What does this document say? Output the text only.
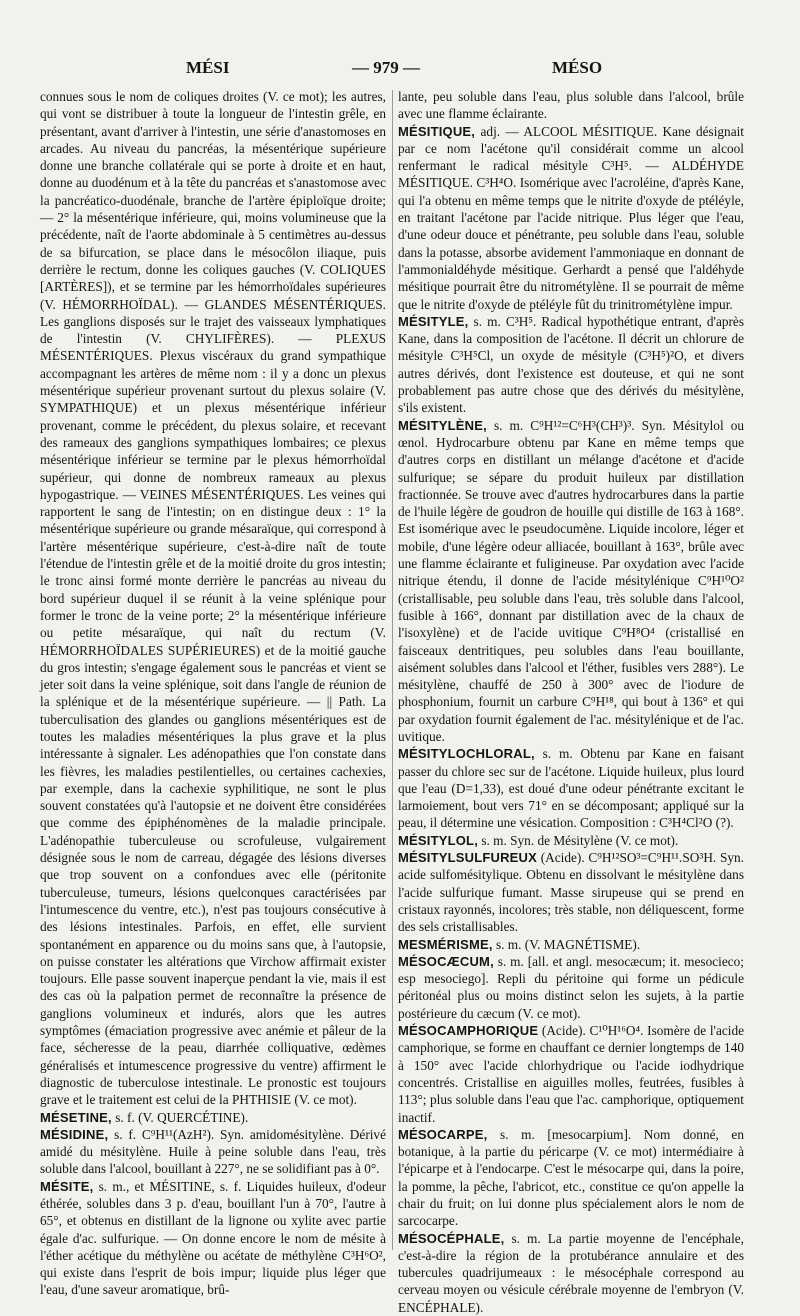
MÉSI	— 979 —	MÉSO

connues sous le nom de coliques droites (V. ce mot); les autres, qui vont se distribuer à toute la longueur de l'intestin grêle, en présentant, avant d'arriver à l'intestin, une série d'anastomoses en arcades. Au niveau du pancréas, la mésentérique supérieure donne une branche collatérale qui se porte à droite et en haut, donne au duodénum et à la tête du pancréas et s'anastomose avec la pancréatico-duodénale, branche de l'artère épiploïque droite; — 2° la mésentérique inférieure, qui, moins volumineuse que la précédente, naît de l'aorte abdominale à 5 centimètres au-dessus de sa bifurcation, se place dans le mésocôlon iliaque, puis derrière le rectum, donne les coliques gauches (V. COLIQUES [ARTÈRES]), et se termine par les hémorrhoïdales supérieures (V. HÉMORRHOÏDAL). — GLANDES MÉSENTÉRIQUES. Les ganglions disposés sur le trajet des vaisseaux lymphatiques de l'intestin (V. CHYLIFÈRES). — PLEXUS MÉSENTÉRIQUES. Plexus viscéraux du grand sympathique accompagnant les artères de même nom : il y a donc un plexus mésentérique supérieur provenant surtout du plexus solaire (V. SYMPATHIQUE) et un plexus mésentérique inférieur provenant, comme le précédent, du plexus solaire, et recevant des rameaux des ganglions sympathiques lombaires; ce plexus mésentérique inférieur se termine par le plexus hémorrhoïdal supérieur, qui donne de nombreux rameaux au plexus hypogastrique. — VEINES MÉSENTÉRIQUES. Les veines qui rapportent le sang de l'intestin; on en distingue deux : 1° la mésentérique supérieure ou grande mésaraïque, qui correspond à l'artère mésentérique supérieure, c'est-à-dire naît de toute l'étendue de l'intestin grêle et de la moitié droite du gros intestin; le tronc ainsi formé monte derrière le pancréas au niveau du bord supérieur duquel il se réunit à la veine splénique pour former le tronc de la veine porte; 2° la mésentérique inférieure ou petite mésaraïque, qui naît du rectum (V. HÉMORRHOÏDALES SUPÉRIEURES) et de la moitié gauche du gros intestin; s'engage également sous le pancréas et vient se jeter soit dans la veine splénique, soit dans l'angle de réunion de la splénique et de la mésentérique supérieure. — || Path. La tuberculisation des glandes ou ganglions mésentériques est de toutes les maladies mésentériques la plus grave et la plus intéressante à signaler. Les adénopathies que l'on constate dans les fièvres, les maladies pestilentielles, ou certaines cachexies, par exemple, dans la cachexie syphilitique, ne sont le plus souvent constatées qu'à l'autopsie et ne doivent être considérées que comme des épiphénomènes de la maladie principale. L'adénopathie tuberculeuse ou scrofuleuse, vulgairement désignée sous le nom de carreau, dégagée des lésions diverses que trop souvent on a confondues avec elle (péritonite tuberculeuse, tumeurs, lésions quelconques caractérisées par l'intumescence du ventre, etc.), n'est pas toujours consécutive à des lésions intestinales. Parfois, en effet, elle survient spontanément en apparence ou du moins sans que, à l'autopsie, on puisse constater les altérations que Virchow affirmait exister toujours. Elle passe souvent inaperçue pendant la vie, mais il est des cas où la palpation permet de reconnaître la présence de ganglions volumineux et indurés, alors que les autres symptômes (émaciation progressive avec anémie et pâleur de la face, sécheresse de la peau, diarrhée colliquative, œdèmes généralisés et intumescence progressive du ventre) affirment le diagnostic de tuberculose intestinale. Le pronostic est toujours grave et le traitement est celui de la PHTHISIE (V. ce mot).

MÉSETINE, s. f. (V. QUERCÉTINE).

MÉSIDINE, s. f. C⁹H¹¹(AzH²). Syn. amidomésitylène. Dérivé amidé du mésitylène. Huile à peine soluble dans l'eau, très soluble dans l'alcool, bouillant à 227°, ne se solidifiant pas à 0°.

MÉSITE, s. m., et MÉSITINE, s. f. Liquides huileux, d'odeur éthérée, solubles dans 3 p. d'eau, bouillant l'un à 70°, l'autre à 65°, et obtenus en distillant de la lignone ou xylite avec partie égale d'ac. sulfurique. — On donne encore le nom de mésite à l'éther acétique du méthylène ou acétate de méthylène C³H⁶O², qui existe dans l'esprit de bois impur; liquide plus léger que l'eau, d'une saveur aromatique, brû-

lante, peu soluble dans l'eau, plus soluble dans l'alcool, brûle avec une flamme éclairante.

MÉSITIQUE, adj. — ALCOOL MÉSITIQUE. Kane désignait par ce nom l'acétone qu'il considérait comme un alcool renfermant le radical mésityle C³H⁵. — ALDÉHYDE MÉSITIQUE. C³H⁴O. Isomérique avec l'acroléine, d'après Kane, qui l'a obtenu en même temps que le nitrite d'oxyde de ptéléyle, en traitant l'acétone par l'acide nitrique. Plus léger que l'eau, d'une odeur douce et pénétrante, peu soluble dans l'eau, soluble dans la potasse, absorbe avidement l'ammoniaque en donnant de l'ammonialdéhyde mésitique. Gerhardt a pensé que l'aldéhyde mésitique pourrait être du nitrométylène. Il se pourrait de même que le nitrite d'oxyde de ptéléyle fût du trinitrométylène impur.

MÉSITYLE, s. m. C³H⁵. Radical hypothétique entrant, d'après Kane, dans la composition de l'acétone. Il décrit un chlorure de mésityle C³H⁵Cl, un oxyde de mésityle (C³H⁵)²O, et divers autres dérivés, dont l'existence est douteuse, et qui ne sont probablement pas autre chose que des dérivés du mésitylène, s'ils existent.

MÉSITYLÈNE, s. m. C⁹H¹²=C⁶H³(CH³)³. Syn. Mésitylol ou œnol. Hydrocarbure obtenu par Kane en même temps que d'autres corps en distillant un mélange d'acétone et d'acide sulfurique; se sépare du produit huileux par distillation fractionnée. Se trouve avec d'autres hydrocarbures dans la partie de l'huile légère de goudron de houille qui distille de 163 à 168°. Est isomérique avec le pseudocumène. Liquide incolore, léger et mobile, d'une légère odeur alliacée, bouillant à 163°, brûle avec une flamme éclairante et fuligineuse. Par oxydation avec l'acide nitrique étendu, il donne de l'acide mésitylénique C⁹H¹⁰O² (cristallisable, peu soluble dans l'eau, très soluble dans l'alcool, fusible à 166°, donnant par distillation avec de la chaux de l'isoxylène) et de l'acide uvitique C⁹H⁸O⁴ (cristallisé en faisceaux dentritiques, peu solubles dans l'eau bouillante, aisément solubles dans l'alcool et l'éther, fusibles vers 288°). Le mésitylène, chauffé de 250 à 300° avec de l'iodure de phosphonium, fournit un carbure C⁹H¹⁸, qui bout à 136° et qui par oxydation fournit également de l'ac. mésitylénique et de l'ac. uvitique.

MÉSITYLOCHLORAL, s. m. Obtenu par Kane en faisant passer du chlore sec sur de l'acétone. Liquide huileux, plus lourd que l'eau (D=1,33), est doué d'une odeur pénétrante excitant le larmoiement, bout vers 71° en se décomposant; appliqué sur la peau, il détermine une vésication. Composition : C³H⁴Cl²O (?).

MÉSITYLOL, s. m. Syn. de Mésitylène (V. ce mot).

MÉSITYLSULFUREUX (Acide). C⁹H¹²SO³=C⁹H¹¹.SO³H. Syn. acide sulfomésitylique. Obtenu en dissolvant le mésitylène dans l'acide sulfurique fumant. Masse sirupeuse qui se prend en cristaux rayonnés, incolores; très stable, non déliquescent, forme des sels cristallisables.

MESMÉRISME, s. m. (V. MAGNÉTISME).

MÉSOCÆCUM, s. m. [all. et angl. mesocæcum; it. mesocieco; esp mesociego]. Repli du péritoine qui forme un pédicule péritonéal plus ou moins distinct selon les sujets, à la partie postérieure du cæcum (V. ce mot).

MÉSOCAMPHORIQUE (Acide). C¹⁰H¹⁶O⁴. Isomère de l'acide camphorique, se forme en chauffant ce dernier longtemps de 140 à 150° avec l'acide chlorhydrique ou l'acide iodhydrique concentrés. Cristallise en aiguilles molles, feutrées, fusibles à 113°; plus soluble dans l'eau que l'ac. camphorique, optiquement inactif.

MÉSOCARPE, s. m. [mesocarpium]. Nom donné, en botanique, à la partie du péricarpe (V. ce mot) intermédiaire à l'épicarpe et à l'endocarpe. C'est le mésocarpe qui, dans la poire, la pomme, la pêche, l'abricot, etc., constitue ce qu'on appelle la chair du fruit; on lui donne plus spécialement alors le nom de sarcocarpe.

MÉSOCÉPHALE, s. m. La partie moyenne de l'encéphale, c'est-à-dire la région de la protubérance annulaire et des tubercules quadrijumeaux : le mésocéphale correspond au cerveau moyen ou vésicule cérébrale moyenne de l'embryon (V. ENCÉPHALE).
